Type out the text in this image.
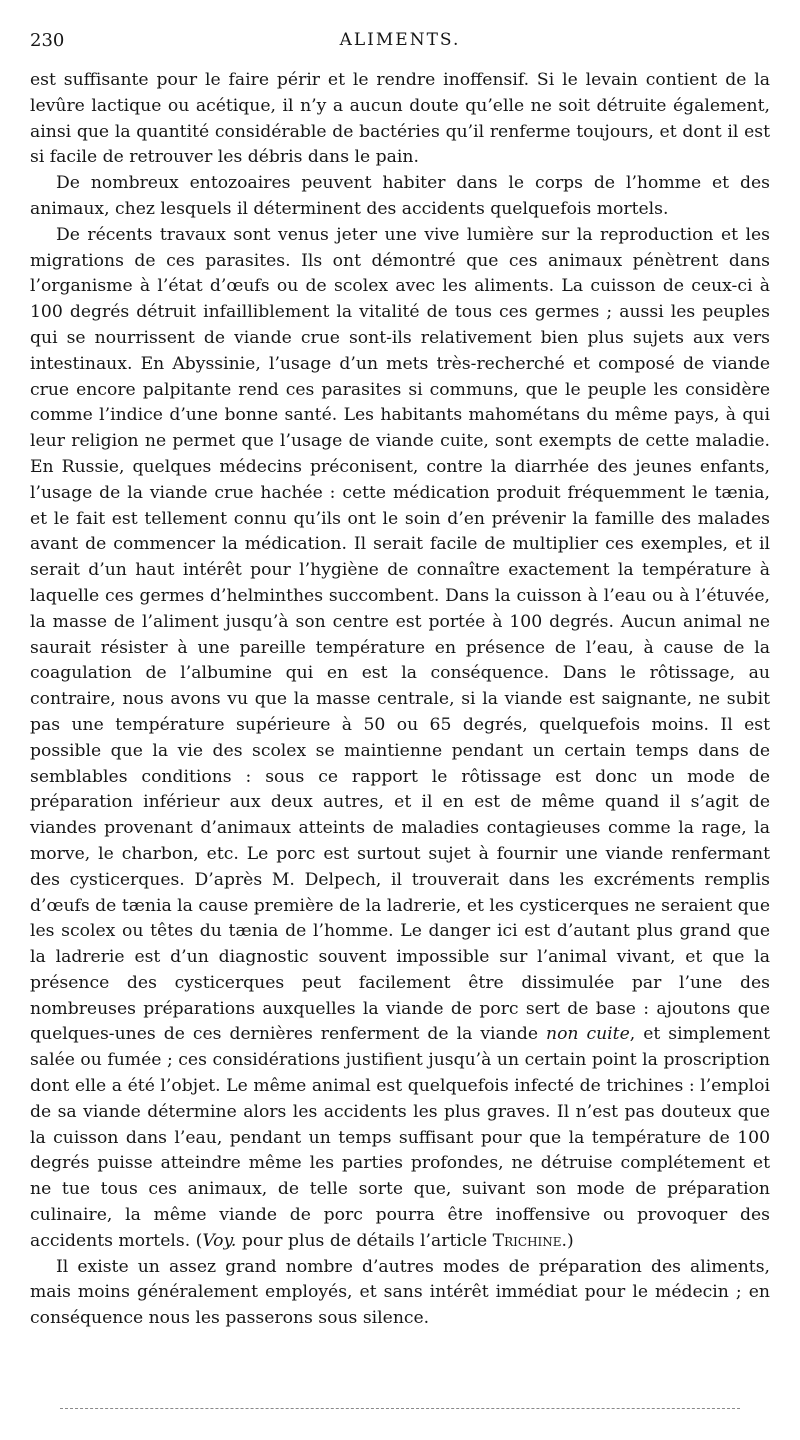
230	ALIMENTS.

est suffisante pour le faire périr et le rendre inoffensif. Si le levain contient de la levûre lactique ou acétique, il n’y a aucun doute qu’elle ne soit détruite également, ainsi que la quantité considérable de bactéries qu’il renferme toujours, et dont il est si facile de retrouver les débris dans le pain.

De nombreux entozoaires peuvent habiter dans le corps de l’homme et des animaux, chez lesquels il déterminent des accidents quelquefois mortels.

De récents travaux sont venus jeter une vive lumière sur la reproduction et les migrations de ces parasites. Ils ont démontré que ces animaux pénètrent dans l’organisme à l’état d’œufs ou de scolex avec les aliments. La cuisson de ceux-ci à 100 degrés détruit infailliblement la vitalité de tous ces germes ; aussi les peuples qui se nourrissent de viande crue sont-ils relativement bien plus sujets aux vers intestinaux. En Abyssinie, l’usage d’un mets très-recherché et composé de viande crue encore palpitante rend ces parasites si communs, que le peuple les considère comme l’indice d’une bonne santé. Les habitants mahométans du même pays, à qui leur religion ne permet que l’usage de viande cuite, sont exempts de cette maladie. En Russie, quelques médecins préconisent, contre la diarrhée des jeunes enfants, l’usage de la viande crue hachée : cette médication produit fréquemment le tænia, et le fait est tellement connu qu’ils ont le soin d’en prévenir la famille des malades avant de commencer la médication. Il serait facile de multiplier ces exemples, et il serait d’un haut intérêt pour l’hygiène de connaître exactement la température à laquelle ces germes d’helminthes succombent. Dans la cuisson à l’eau ou à l’étuvée, la masse de l’aliment jusqu’à son centre est portée à 100 degrés. Aucun animal ne saurait résister à une pareille température en présence de l’eau, à cause de la coagulation de l’albumine qui en est la conséquence. Dans le rôtissage, au contraire, nous avons vu que la masse centrale, si la viande est saignante, ne subit pas une température supérieure à 50 ou 65 degrés, quelquefois moins. Il est possible que la vie des scolex se maintienne pendant un certain temps dans de semblables conditions : sous ce rapport le rôtissage est donc un mode de préparation inférieur aux deux autres, et il en est de même quand il s’agit de viandes provenant d’animaux atteints de maladies contagieuses comme la rage, la morve, le charbon, etc. Le porc est surtout sujet à fournir une viande renfermant des cysticerques. D’après M. Delpech, il trouverait dans les excréments remplis d’œufs de tænia la cause première de la ladrerie, et les cysticerques ne seraient que les scolex ou têtes du tænia de l’homme. Le danger ici est d’autant plus grand que la ladrerie est d’un diagnostic souvent impossible sur l’animal vivant, et que la présence des cysticerques peut facilement être dissimulée par l’une des nombreuses préparations auxquelles la viande de porc sert de base : ajoutons que quelques-unes de ces dernières renferment de la viande non cuite, et simplement salée ou fumée ; ces considérations justifient jusqu’à un certain point la proscription dont elle a été l’objet. Le même animal est quelquefois infecté de trichines : l’emploi de sa viande détermine alors les accidents les plus graves. Il n’est pas douteux que la cuisson dans l’eau, pendant un temps suffisant pour que la température de 100 degrés puisse atteindre même les parties profondes, ne détruise complétement et ne tue tous ces animaux, de telle sorte que, suivant son mode de préparation culinaire, la même viande de porc pourra être inoffensive ou provoquer des accidents mortels. (Voy. pour plus de détails l’article Trichine.)

Il existe un assez grand nombre d’autres modes de préparation des aliments, mais moins généralement employés, et sans intérêt immédiat pour le médecin ; en conséquence nous les passerons sous silence.
